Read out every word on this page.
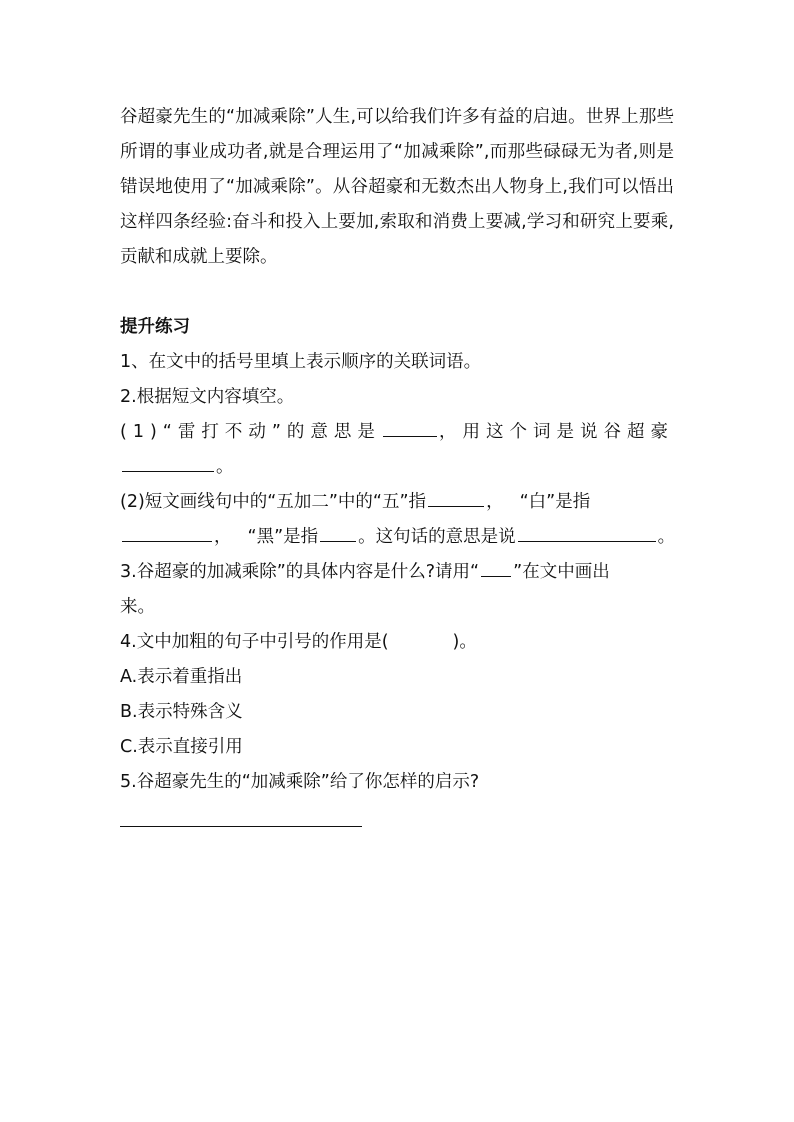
谷超豪先生的“加减乘除”人生,可以给我们许多有益的启迪。世界上那些所谓的事业成功者,就是合理运用了“加减乘除”,而那些碌碌无为者,则是错误地使用了“加减乘除”。从谷超豪和无数杰出人物身上,我们可以悟出这样四条经验:奋斗和投入上要加,索取和消费上要减,学习和研究上要乘,贡献和成就上要除。

提升练习

1、在文中的括号里填上表示顺序的关联词语。

2.根据短文内容填空。

(1)“雷打不动”的意思是	，用这个词是说谷超豪

。

(2)短文画线句中的“五加二”中的“五”指	， “白”是指

， “黑”是指 。这句话的意思是说	。

3.谷超豪的加减乘除”的具体内容是什么?请用“ ”在文中画出

来。

4.文中加粗的句子中引号的作用是(	)。

A.表示着重指出

B.表示特殊含义

C.表示直接引用

5.谷超豪先生的“加减乘除”给了你怎样的启示?
